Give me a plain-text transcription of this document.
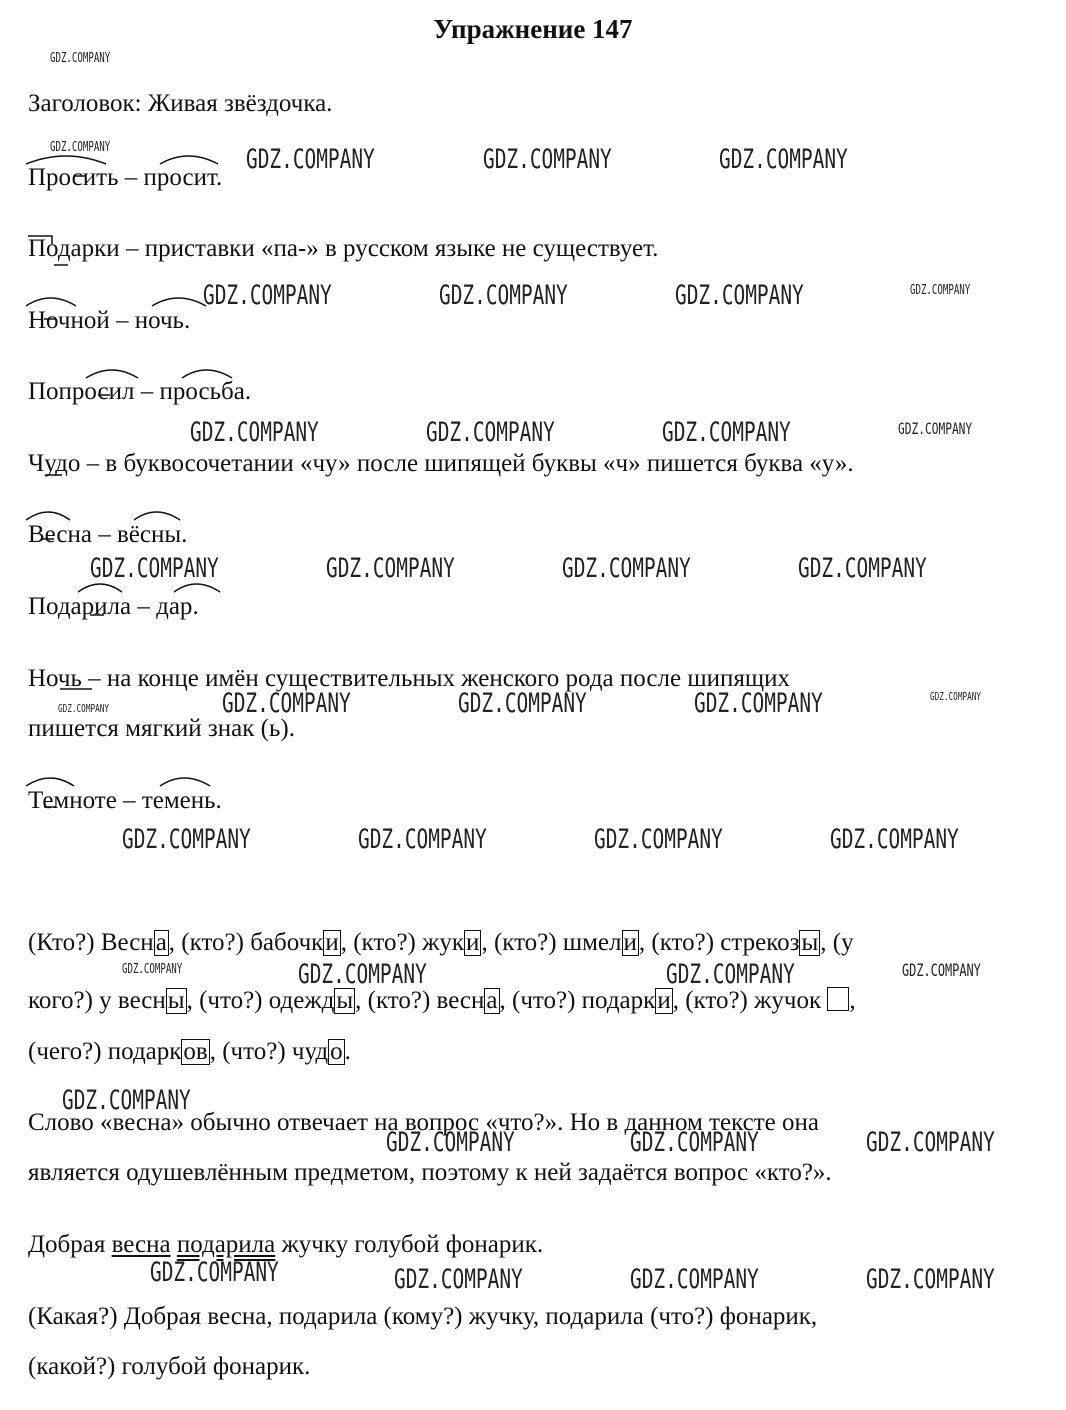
Упражнение 147
GDZ.COMPANY
GDZ.COMPANY	GDZ.COMPANY	GDZ.COMPANY	GDZ.COMPANY
GDZ.COMPANY	GDZ.COMPANY	GDZ.COMPANY	GDZ.COMPANY
GDZ.COMPANY	GDZ.COMPANY	GDZ.COMPANY	GDZ.COMPANY
GDZ.COMPANY	GDZ.COMPANY	GDZ.COMPANY	GDZ.COMPANY
GDZ.COMPANY	GDZ.COMPANY	GDZ.COMPANY	GDZ.COMPANY	GDZ.COMPANY
GDZ.COMPANY	GDZ.COMPANY	GDZ.COMPANY	GDZ.COMPANY
GDZ.COMPANY	GDZ.COMPANY	GDZ.COMPANY	GDZ.COMPANY
GDZ.COMPANY
GDZ.COMPANY	GDZ.COMPANY	GDZ.COMPANY
GDZ.COMPANY	GDZ.COMPANY	GDZ.COMPANY	GDZ.COMPANY
Заголовок: Живая звёздочка.
Просить – просит.
Подарки – приставки «па-» в русском языке не существует.
Ночной – ночь.
Попросил – просьба.
Чудо – в буквосочетании «чу» после шипящей буквы «ч» пишется буква «у».
Весна – вёсны.
Подарила – дар.
Ночь – на конце имён существительных женского рода после шипящих
пишется мягкий знак (ь).
Темноте – темень.
(Кто?) Весна, (кто?) бабочки, (кто?) жуки, (кто?) шмели, (кто?) стрекозы, (у
кого?) у весны, (что?) одежды, (кто?) весна, (что?) подарки, (кто?) жучок ,
(чего?) подарков, (что?) чудо.
Слово «весна» обычно отвечает на вопрос «что?». Но в данном тексте она
является одушевлённым предметом, поэтому к ней задаётся вопрос «кто?».
Добрая весна подарила жучку голубой фонарик.
(Какая?) Добрая весна, подарила (кому?) жучку, подарила (что?) фонарик,
(какой?) голубой фонарик.
